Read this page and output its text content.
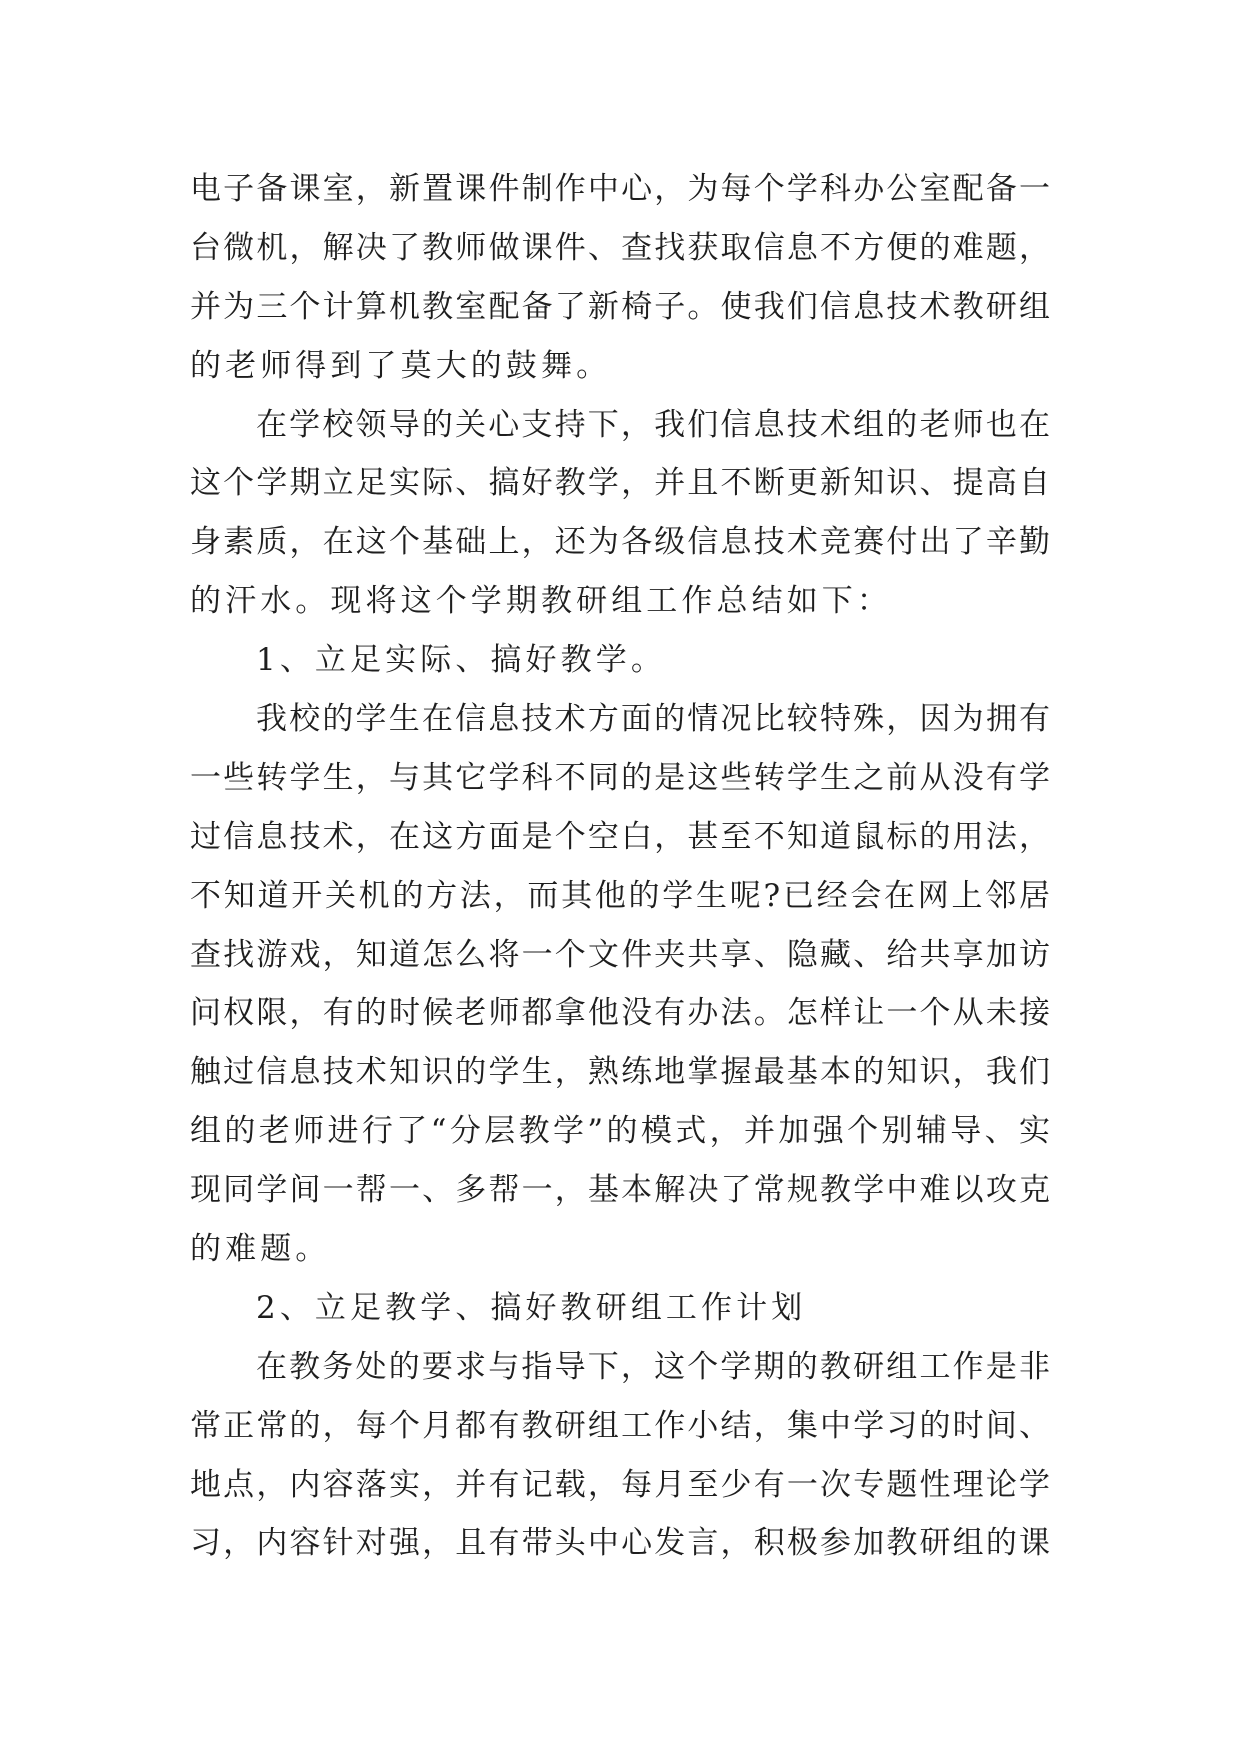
电子备课室，新置课件制作中心，为每个学科办公室配备一
台微机，解决了教师做课件、查找获取信息不方便的难题，
并为三个计算机教室配备了新椅子。使我们信息技术教研组
的老师得到了莫大的鼓舞。
在学校领导的关心支持下，我们信息技术组的老师也在
这个学期立足实际、搞好教学，并且不断更新知识、提高自
身素质，在这个基础上，还为各级信息技术竞赛付出了辛勤
的汗水。现将这个学期教研组工作总结如下：
1、立足实际、搞好教学。
我校的学生在信息技术方面的情况比较特殊，因为拥有
一些转学生，与其它学科不同的是这些转学生之前从没有学
过信息技术，在这方面是个空白，甚至不知道鼠标的用法，
不知道开关机的方法，而其他的学生呢?已经会在网上邻居
查找游戏，知道怎么将一个文件夹共享、隐藏、给共享加访
问权限，有的时候老师都拿他没有办法。怎样让一个从未接
触过信息技术知识的学生，熟练地掌握最基本的知识，我们
组的老师进行了“分层教学”的模式，并加强个别辅导、实
现同学间一帮一、多帮一，基本解决了常规教学中难以攻克
的难题。
2、立足教学、搞好教研组工作计划
在教务处的要求与指导下，这个学期的教研组工作是非
常正常的，每个月都有教研组工作小结，集中学习的时间、
地点，内容落实，并有记载，每月至少有一次专题性理论学
习，内容针对强，且有带头中心发言，积极参加教研组的课
